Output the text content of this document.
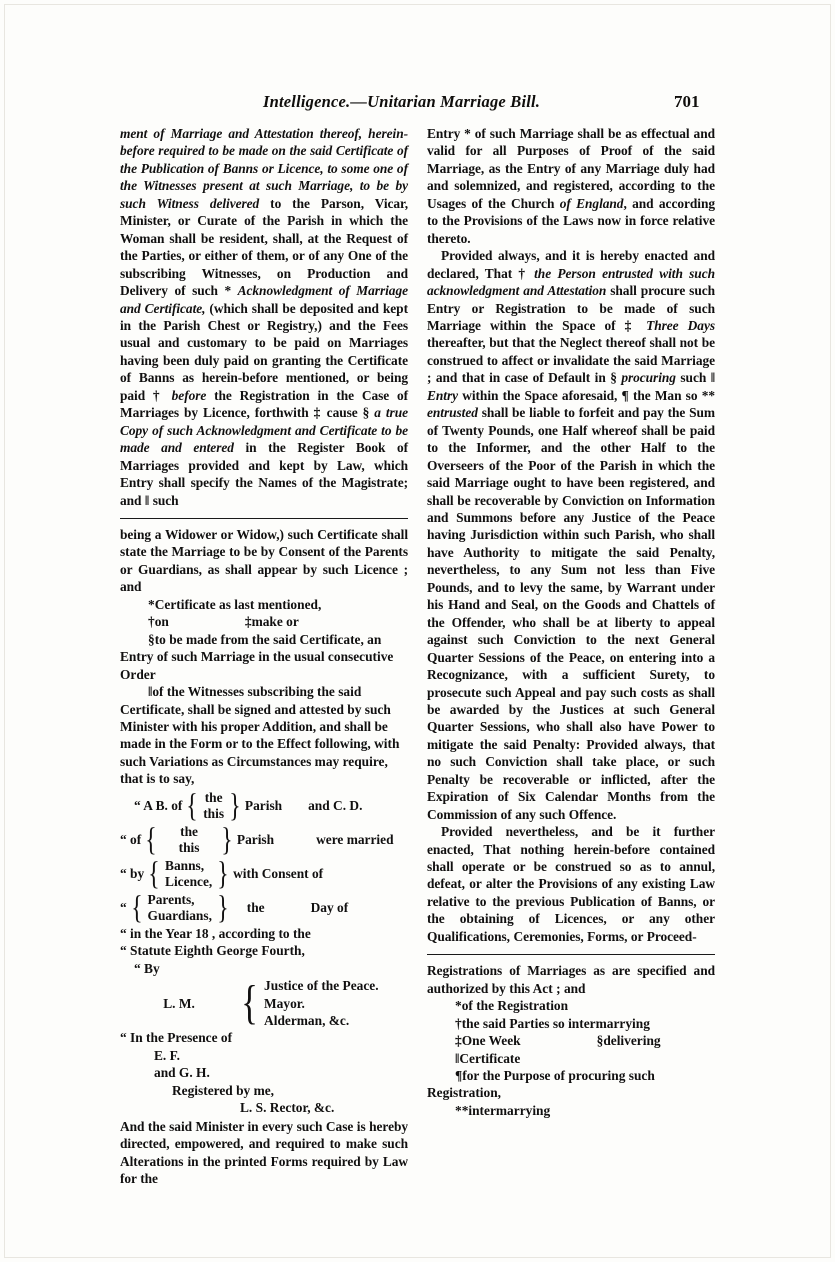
Intelligence.—Unitarian Marriage Bill.	701

ment of Marriage and Attestation thereof, herein-before required to be made on the said Certificate of the Publication of Banns or Licence, to some one of the Witnesses present at such Marriage, to be by such Witness delivered to the Parson, Vicar, Minister, or Curate of the Parish in which the Woman shall be resident, shall, at the Request of the Parties, or either of them, or of any One of the subscribing Witnesses, on Production and Delivery of such * Acknowledgment of Marriage and Certificate, (which shall be deposited and kept in the Parish Chest or Registry,) and the Fees usual and customary to be paid on Marriages having been duly paid on granting the Certificate of Banns as herein-before mentioned, or being paid † before the Registration in the Case of Marriages by Licence, forthwith ‡ cause § a true Copy of such Acknowledgment and Certificate to be made and entered in the Register Book of Marriages provided and kept by Law, which Entry shall specify the Names of the Magistrate; and ‖ such

being a Widower or Widow,) such Certificate shall state the Marriage to be by Consent of the Parents or Guardians, as shall appear by such Licence ; and

*Certificate as last mentioned,
†on	‡make or
§to be made from the said Certificate, an Entry of such Marriage in the usual consecutive Order
‖of the Witnesses subscribing the said Certificate, shall be signed and attested by such Minister with his proper Addition, and shall be made in the Form or to the Effect following, with such Variations as Circumstances may require, that is to say,
“ A B. of { the
this } Parish and C. D.
“ of {	the
this } Parish	were married
“ by { Banns,
Licence, } with Consent of
“ { Parents,
Guardians, } the	Day of
“ in the Year 18 , according to the
“ Statute Eighth George Fourth,
“ By
L. M. { Justice of the Peace.
Mayor.
Alderman, &c.
“ In the Presence of
E. F.
and G. H.
Registered by me,
L. S. Rector, &c.

And the said Minister in every such Case is hereby directed, empowered, and required to make such Alterations in the printed Forms required by Law for the

Entry * of such Marriage shall be as effectual and valid for all Purposes of Proof of the said Marriage, as the Entry of any Marriage duly had and solemnized, and registered, according to the Usages of the Church of England, and according to the Provisions of the Laws now in force relative thereto.

Provided always, and it is hereby enacted and declared, That † the Person entrusted with such acknowledgment and Attestation shall procure such Entry or Registration to be made of such Marriage within the Space of ‡ Three Days thereafter, but that the Neglect thereof shall not be construed to affect or invalidate the said Marriage ; and that in case of Default in § procuring such ‖ Entry within the Space aforesaid, ¶ the Man so ** entrusted shall be liable to forfeit and pay the Sum of Twenty Pounds, one Half whereof shall be paid to the Informer, and the other Half to the Overseers of the Poor of the Parish in which the said Marriage ought to have been registered, and shall be recoverable by Conviction on Information and Summons before any Justice of the Peace having Jurisdiction within such Parish, who shall have Authority to mitigate the said Penalty, nevertheless, to any Sum not less than Five Pounds, and to levy the same, by Warrant under his Hand and Seal, on the Goods and Chattels of the Offender, who shall be at liberty to appeal against such Conviction to the next General Quarter Sessions of the Peace, on entering into a Recognizance, with a sufficient Surety, to prosecute such Appeal and pay such costs as shall be awarded by the Justices at such General Quarter Sessions, who shall also have Power to mitigate the said Penalty: Provided always, that no such Conviction shall take place, or such Penalty be recoverable or inflicted, after the Expiration of Six Calendar Months from the Commission of any such Offence.

Provided nevertheless, and be it further enacted, That nothing herein-before contained shall operate or be construed so as to annul, defeat, or alter the Provisions of any existing Law relative to the previous Publication of Banns, or the obtaining of Licences, or any other Qualifications, Ceremonies, Forms, or Proceed-

Registrations of Marriages as are specified and authorized by this Act ; and

*of the Registration
†the said Parties so intermarrying
‡One Week	§delivering
‖Certificate
¶for the Purpose of procuring such Registration,
**intermarrying
